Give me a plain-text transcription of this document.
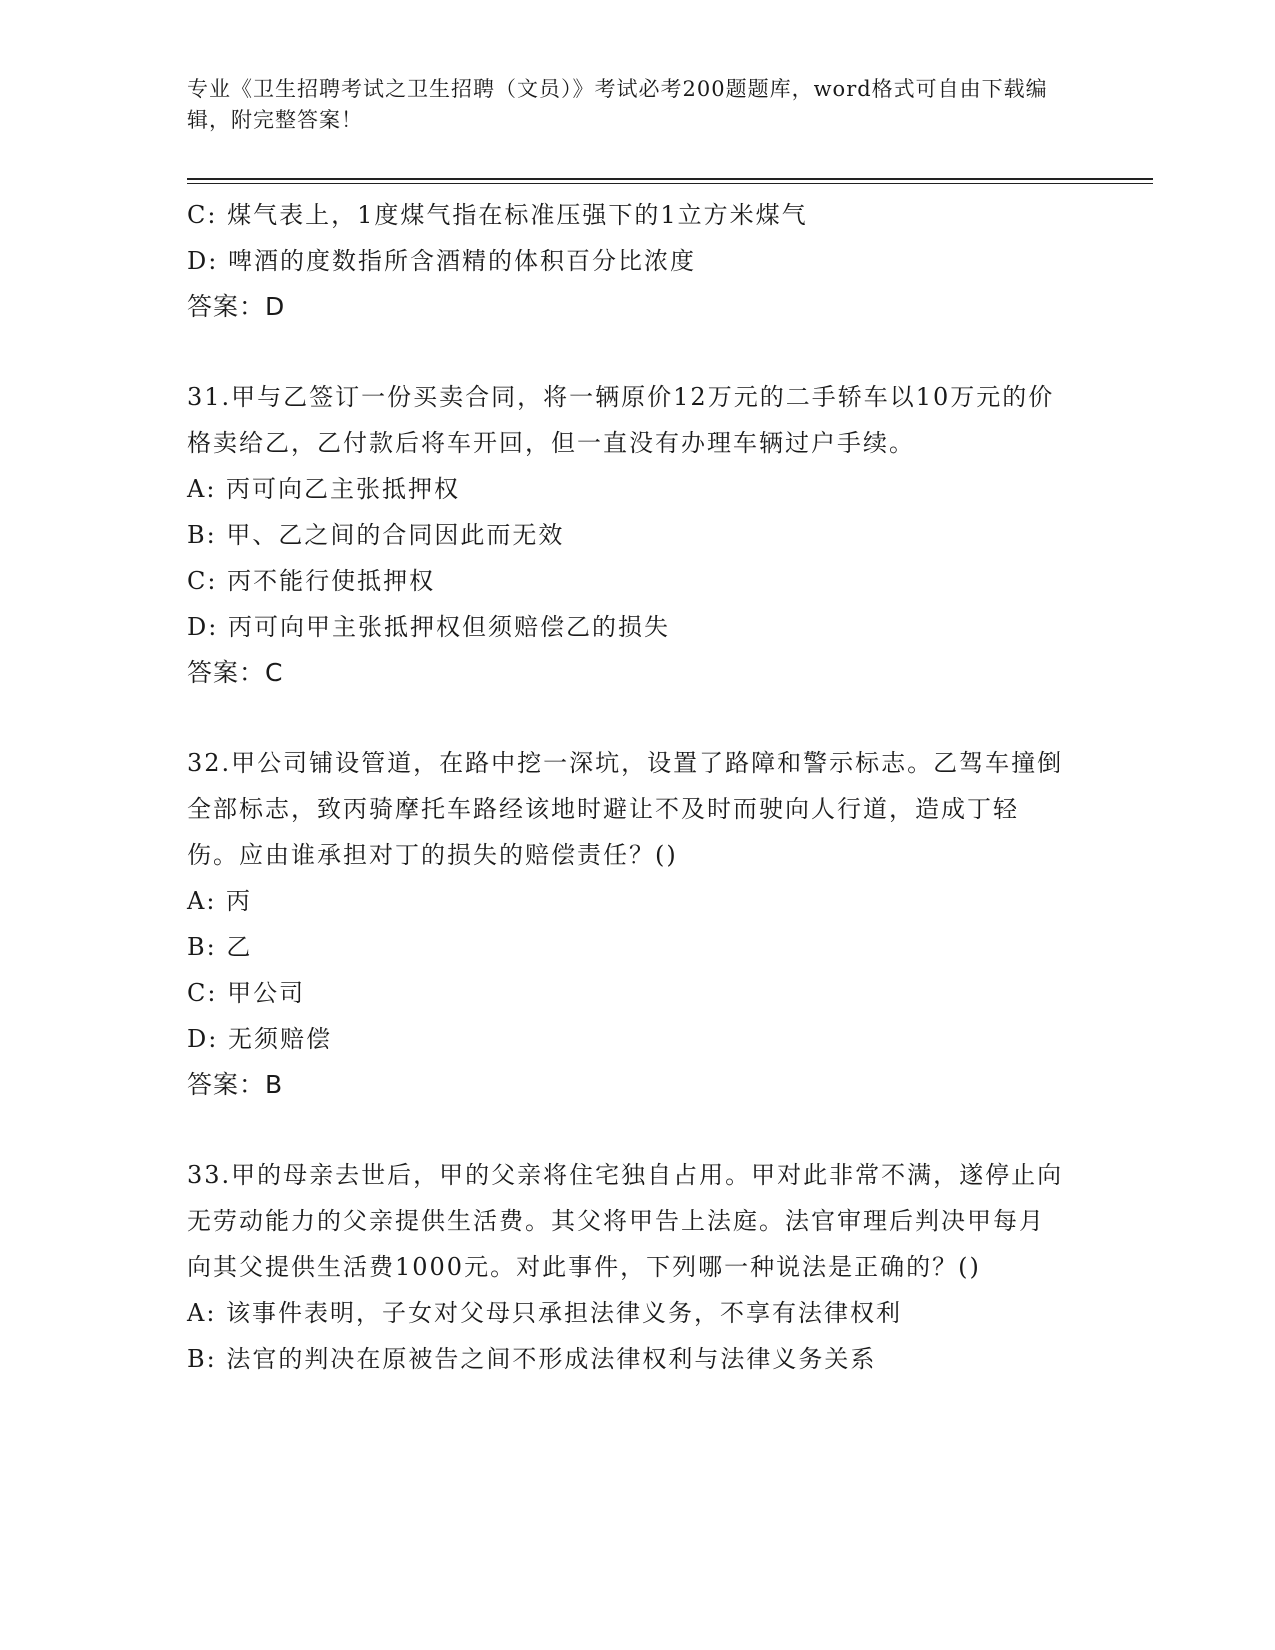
专业《卫生招聘考试之卫生招聘（文员）》考试必考200题题库，word格式可自由下载编辑，附完整答案！
C: 煤气表上，1度煤气指在标准压强下的1立方米煤气
D: 啤酒的度数指所含酒精的体积百分比浓度
答案：D
31.甲与乙签订一份买卖合同，将一辆原价12万元的二手轿车以10万元的价格卖给乙，乙付款后将车开回，但一直没有办理车辆过户手续。
A: 丙可向乙主张抵押权
B: 甲、乙之间的合同因此而无效
C: 丙不能行使抵押权
D: 丙可向甲主张抵押权但须赔偿乙的损失
答案：C
32.甲公司铺设管道，在路中挖一深坑，设置了路障和警示标志。乙驾车撞倒全部标志，致丙骑摩托车路经该地时避让不及时而驶向人行道，造成丁轻伤。应由谁承担对丁的损失的赔偿责任？()
A: 丙
B: 乙
C: 甲公司
D: 无须赔偿
答案：B
33.甲的母亲去世后，甲的父亲将住宅独自占用。甲对此非常不满，遂停止向无劳动能力的父亲提供生活费。其父将甲告上法庭。法官审理后判决甲每月向其父提供生活费1000元。对此事件，下列哪一种说法是正确的？()
A: 该事件表明，子女对父母只承担法律义务，不享有法律权利
B: 法官的判决在原被告之间不形成法律权利与法律义务关系
